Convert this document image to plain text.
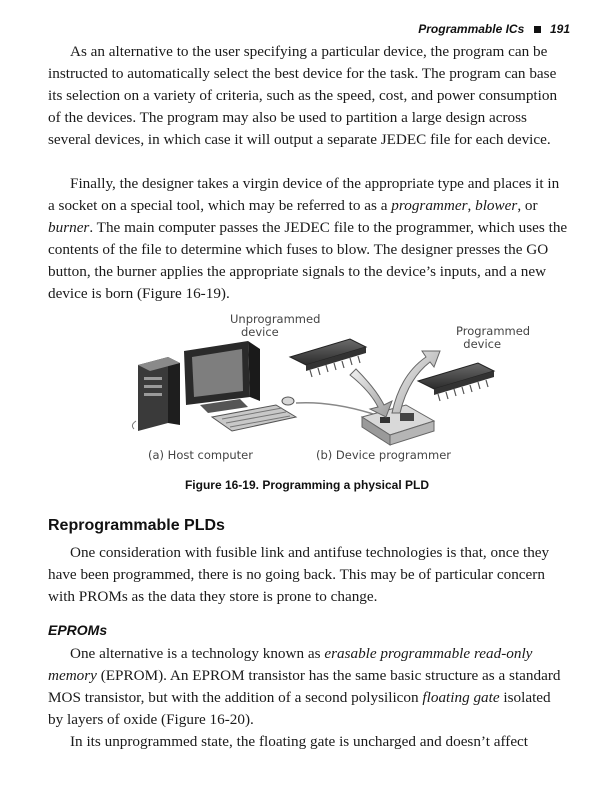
Programmable ICs 191

As an alternative to the user specifying a particular device, the program can be instructed to automatically select the best device for the task. The program can base its selection on a variety of criteria, such as the speed, cost, and power consumption of the devices. The program may also be used to partition a large design across several devices, in which case it will output a separate JEDEC file for each device.

Finally, the designer takes a virgin device of the appropriate type and places it in a socket on a special tool, which may be referred to as a programmer, blower, or burner. The main computer passes the JEDEC file to the programmer, which uses the contents of the file to determine which fuses to blow. The designer presses the GO button, the burner applies the appropriate signals to the device’s inputs, and a new device is born (Figure 16-19).

Unprogrammed
device	Programmed
device
(a) Host computer	(b) Device programmer
Figure 16-19. Programming a physical PLD
Reprogrammable PLDs

One consideration with fusible link and antifuse technologies is that, once they have been programmed, there is no going back. This may be of particular concern with PROMs as the data they store is prone to change.

EPROMs

One alternative is a technology known as erasable programmable read-only memory (EPROM). An EPROM transistor has the same basic structure as a standard MOS transistor, but with the addition of a second polysilicon floating gate isolated by layers of oxide (Figure 16-20).

In its unprogrammed state, the floating gate is uncharged and doesn’t affect
